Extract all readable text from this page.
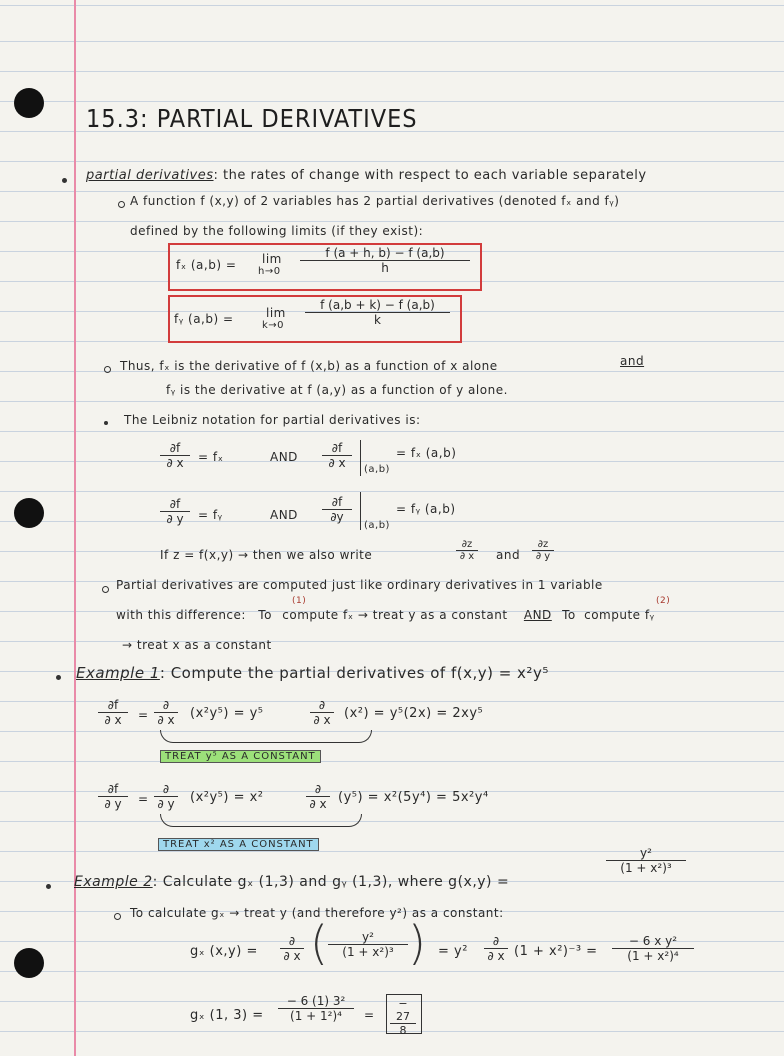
15.3: PARTIAL DERIVATIVES
partial derivatives: the rates of change with respect to each variable separately
A function f (x,y) of 2 variables has 2 partial derivatives (denoted fₓ and fᵧ)
defined by the following limits (if they exist):
fₓ (a,b) = lim
$h\to 0 \frac{f (a + h, b) - f (a,b)}{h}$
fᵧ (a,b) =	lim
$k\to 0 \frac{f (a,b + k) - f (a,b)}{k}$
Thus, fₓ is the derivative of f (x,b) as a function of x alone	and
fᵧ is the derivative at f (a,y) as a function of y alone.
The Leibniz notation for partial derivatives is:
$\frac{\partial f}{\partial x} = f_x$	AND $\frac{\partial f}{\partial x} (a,b)$
= fₓ (a,b)
$\frac{\partial f}{\partial y}$ = fᵧ	AND $\frac{\partial f}{\partial y}$
(a,b)
= fᵧ (a,b)
If z = f(x,y) → then we also write	$\frac{\partial z}{\partial x}$ and $\frac{\partial z}{\partial y}$
Partial derivatives are computed just like ordinary derivatives in 1 variable
(1)	(2)
with this difference: To compute fₓ → treat y as a constant AND To compute fᵧ
→ treat x as a constant
Example 1: Compute the partial derivatives of f(x,y) = x²y⁵
$\frac{\partial f}{\partial x}$ =
∂
∂ x (x²y⁵) = y⁵
∂
∂ x (x²) = y⁵(2x) = 2xy⁵
TREAT y⁵ AS A CONSTANT
$\frac{\partial f}{\partial y}$ =
∂
∂ y (x²y⁵) = x²
∂
∂ x (y⁵) = x²(5y⁴) = 5x²y⁴
TREAT x² AS A CONSTANT
Example 2: Calculate gₓ (1,3) and gᵧ (1,3), where g(x,y) =
$\frac{\text{y²}}{\text{(1 + x²)³}}$
To calculate gₓ → treat y (and therefore y²) as a constant:
gₓ (x,y) =
∂
∂ x ( $\frac{\text{y²}}{\text{(1 + x²)³}}$ ) = y²
∂
∂ x $(1 + x^2)^{-3} = \frac{\text{− 6 x y²}}{\text{(1 + x²)⁴}}$
gₓ (1, $3) = \frac{\text{− 6 (1) 3²}}{\text{(1 + 1²)⁴}} = \frac{- 27}{8}$
